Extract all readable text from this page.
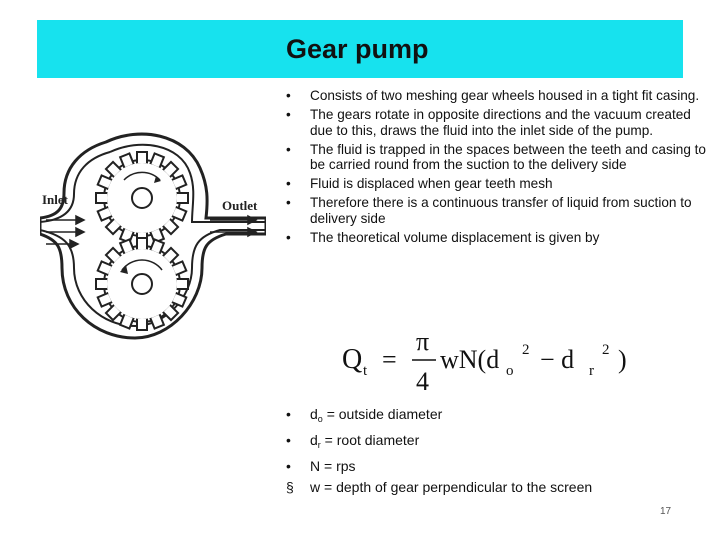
Gear pump
Inlet	Outlet
• Consists of two meshing gear wheels housed in a tight fit casing.
• The gears rotate in opposite directions and the vacuum created due to this, draws the fluid into the inlet side of the pump.
• The fluid is trapped in the spaces between the teeth and casing to be carried round from the suction to the delivery side
• Fluid is displaced when gear teeth mesh
• Therefore there is a continuous transfer of liquid from suction to delivery side
• The theoretical volume displacement is given by
Q t =
π
4
wN(d o
2 − d r
2 )
• $d_o$ = outside diameter
• $d_r$ = root diameter
• N = rps
§ w = depth of gear perpendicular to the screen
17
